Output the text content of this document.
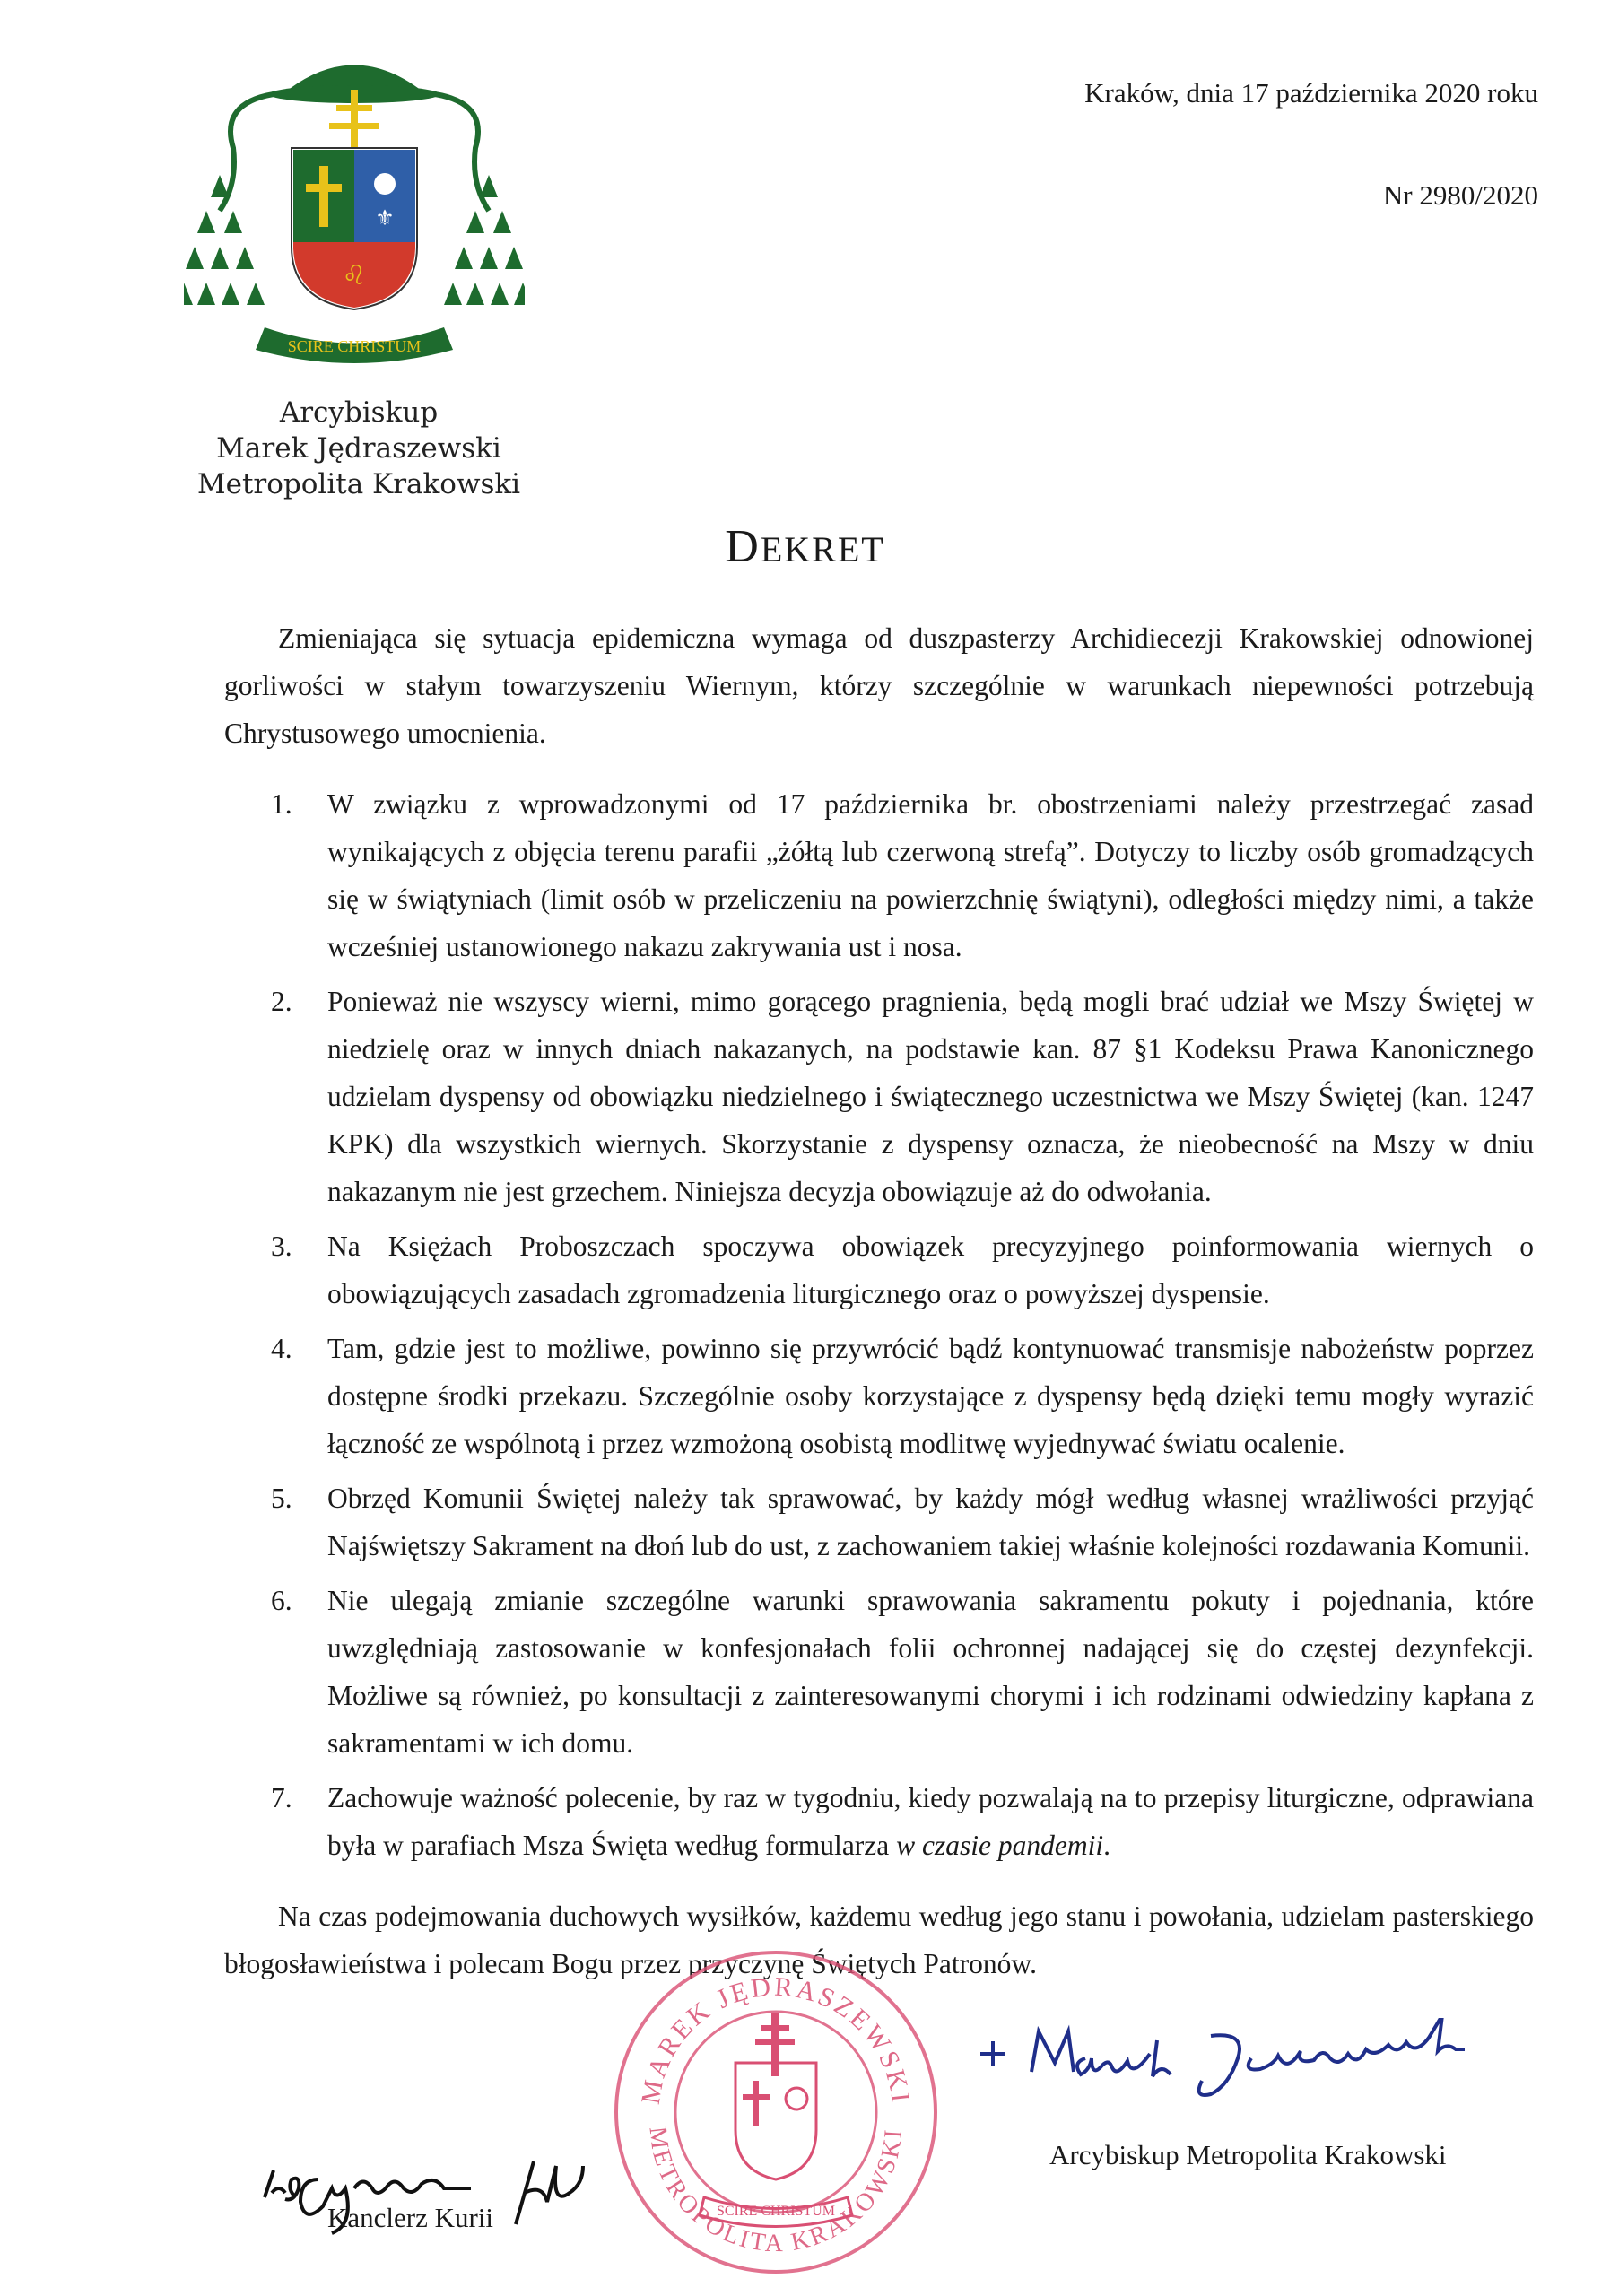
⚜
♌
SCIRE CHRISTUM
Arcybiskup
Marek Jędraszewski
Metropolita Krakowski
Kraków, dnia 17 października 2020 roku
Nr 2980/2020
DEKRET

Zmieniająca się sytuacja epidemiczna wymaga od duszpasterzy Archidiecezji Krakowskiej odnowionej gorliwości w stałym towarzyszeniu Wiernym, którzy szczególnie w warunkach niepewności potrzebują Chrystusowego umocnienia.

1. W związku z wprowadzonymi od 17 października br. obostrzeniami należy przestrzegać zasad wynikających z objęcia terenu parafii „żółtą lub czerwoną strefą”. Dotyczy to liczby osób gromadzących się w świątyniach (limit osób w przeliczeniu na powierzchnię świątyni), odległości między nimi, a także wcześniej ustanowionego nakazu zakrywania ust i nosa.
2. Ponieważ nie wszyscy wierni, mimo gorącego pragnienia, będą mogli brać udział we Mszy Świętej w niedzielę oraz w innych dniach nakazanych, na podstawie kan. 87 §1 Kodeksu Prawa Kanonicznego udzielam dyspensy od obowiązku niedzielnego i świątecznego uczestnictwa we Mszy Świętej (kan. 1247 KPK) dla wszystkich wiernych. Skorzystanie z dyspensy oznacza, że nieobecność na Mszy w dniu nakazanym nie jest grzechem. Niniejsza decyzja obowiązuje aż do odwołania.
3. Na Księżach Proboszczach spoczywa obowiązek precyzyjnego poinformowania wiernych o obowiązujących zasadach zgromadzenia liturgicznego oraz o powyższej dyspensie.
4. Tam, gdzie jest to możliwe, powinno się przywrócić bądź kontynuować transmisje nabożeństw poprzez dostępne środki przekazu. Szczególnie osoby korzystające z dyspensy będą dzięki temu mogły wyrazić łączność ze wspólnotą i przez wzmożoną osobistą modlitwę wyjednywać światu ocalenie.
5. Obrzęd Komunii Świętej należy tak sprawować, by każdy mógł według własnej wrażliwości przyjąć Najświętszy Sakrament na dłoń lub do ust, z zachowaniem takiej właśnie kolejności rozdawania Komunii.
6. Nie ulegają zmianie szczególne warunki sprawowania sakramentu pokuty i pojednania, które uwzględniają zastosowanie w konfesjonałach folii ochronnej nadającej się do częstej dezynfekcji. Możliwe są również, po konsultacji z zainteresowanymi chorymi i ich rodzinami odwiedziny kapłana z sakramentami w ich domu.
7. Zachowuje ważność polecenie, by raz w tygodniu, kiedy pozwalają na to przepisy liturgiczne, odprawiana była w parafiach Msza Święta według formularza w czasie pandemii.

Na czas podejmowania duchowych wysiłków, każdemu według jego stanu i powołania, udzielam pasterskiego błogosławieństwa i polecam Bogu przez przyczynę Świętych Patronów.

MAREK JĘDRASZEWSKI
METROPOLITA KRAKOWSKI
SCIRE CHRISTUM
Kanclerz Kurii
Arcybiskup Metropolita Krakowski
